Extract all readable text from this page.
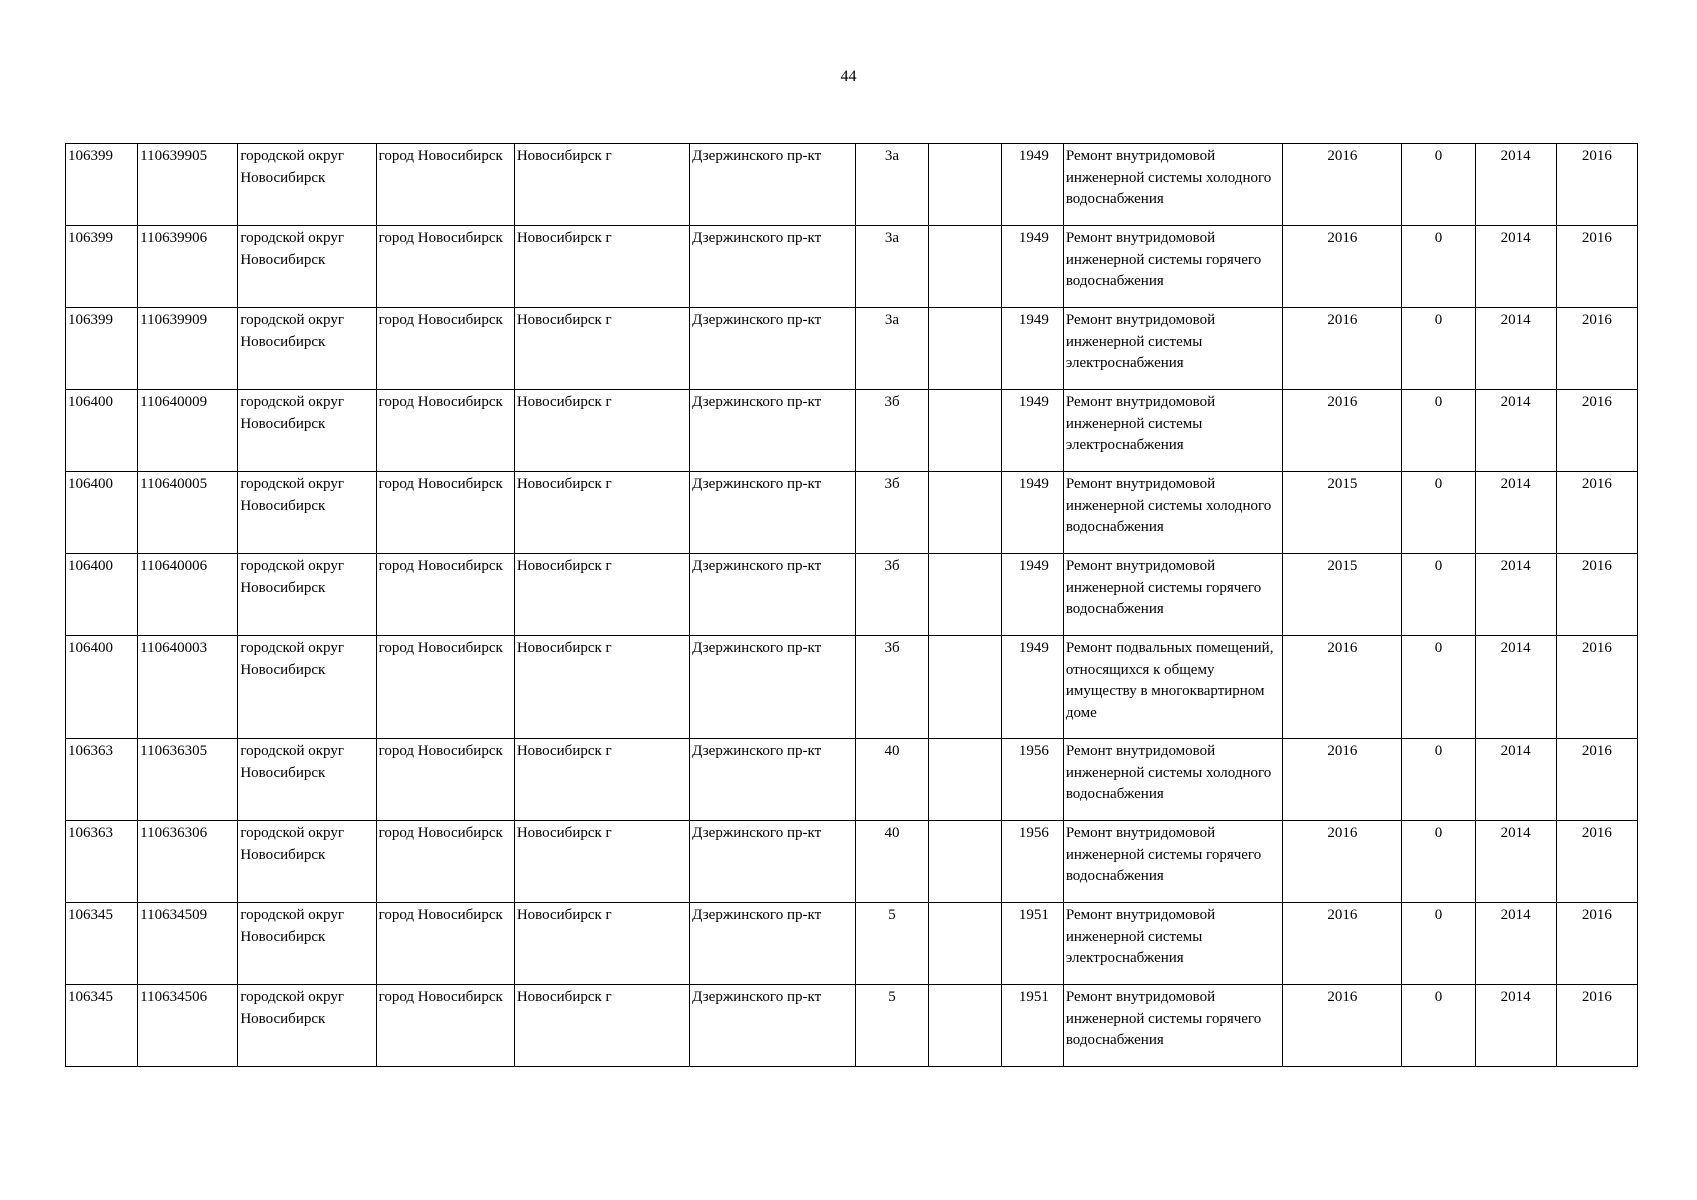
44
106399	110639905	городской округ Новосибирск	город Новосибирск	Новосибирск г	Дзержинского пр-кт	3а		1949	Ремонт внутридомовой инженерной системы холодного водоснабжения	2016	0	2014	2016
106399	110639906	городской округ Новосибирск	город Новосибирск	Новосибирск г	Дзержинского пр-кт	3а		1949	Ремонт внутридомовой инженерной системы горячего водоснабжения	2016	0	2014	2016
106399	110639909	городской округ Новосибирск	город Новосибирск	Новосибирск г	Дзержинского пр-кт	3а		1949	Ремонт внутридомовой инженерной системы электроснабжения	2016	0	2014	2016
106400	110640009	городской округ Новосибирск	город Новосибирск	Новосибирск г	Дзержинского пр-кт	3б		1949	Ремонт внутридомовой инженерной системы электроснабжения	2016	0	2014	2016
106400	110640005	городской округ Новосибирск	город Новосибирск	Новосибирск г	Дзержинского пр-кт	3б		1949	Ремонт внутридомовой инженерной системы холодного водоснабжения	2015	0	2014	2016
106400	110640006	городской округ Новосибирск	город Новосибирск	Новосибирск г	Дзержинского пр-кт	3б		1949	Ремонт внутридомовой инженерной системы горячего водоснабжения	2015	0	2014	2016
106400	110640003	городской округ Новосибирск	город Новосибирск	Новосибирск г	Дзержинского пр-кт	3б		1949	Ремонт подвальных помещений, относящихся к общему имуществу в многоквартирном доме	2016	0	2014	2016
106363	110636305	городской округ Новосибирск	город Новосибирск	Новосибирск г	Дзержинского пр-кт	40		1956	Ремонт внутридомовой инженерной системы холодного водоснабжения	2016	0	2014	2016
106363	110636306	городской округ Новосибирск	город Новосибирск	Новосибирск г	Дзержинского пр-кт	40		1956	Ремонт внутридомовой инженерной системы горячего водоснабжения	2016	0	2014	2016
106345	110634509	городской округ Новосибирск	город Новосибирск	Новосибирск г	Дзержинского пр-кт	5		1951	Ремонт внутридомовой инженерной системы электроснабжения	2016	0	2014	2016
106345	110634506	городской округ Новосибирск	город Новосибирск	Новосибирск г	Дзержинского пр-кт	5		1951	Ремонт внутридомовой инженерной системы горячего водоснабжения	2016	0	2014	2016
